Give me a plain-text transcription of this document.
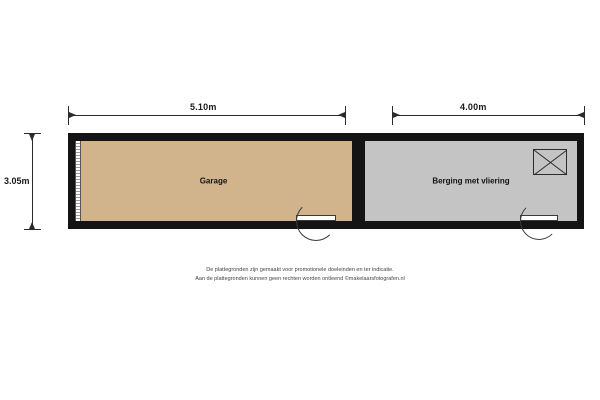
5.10m	4.00m
3.05m	Garage	Berging met vliering
De plattegronden zijn gemaakt voor promotionele doeleinden en ter indicatie.
Aan de plattegronden kunnen geen rechten worden ontleend ©makelaarsfotografen.nl
